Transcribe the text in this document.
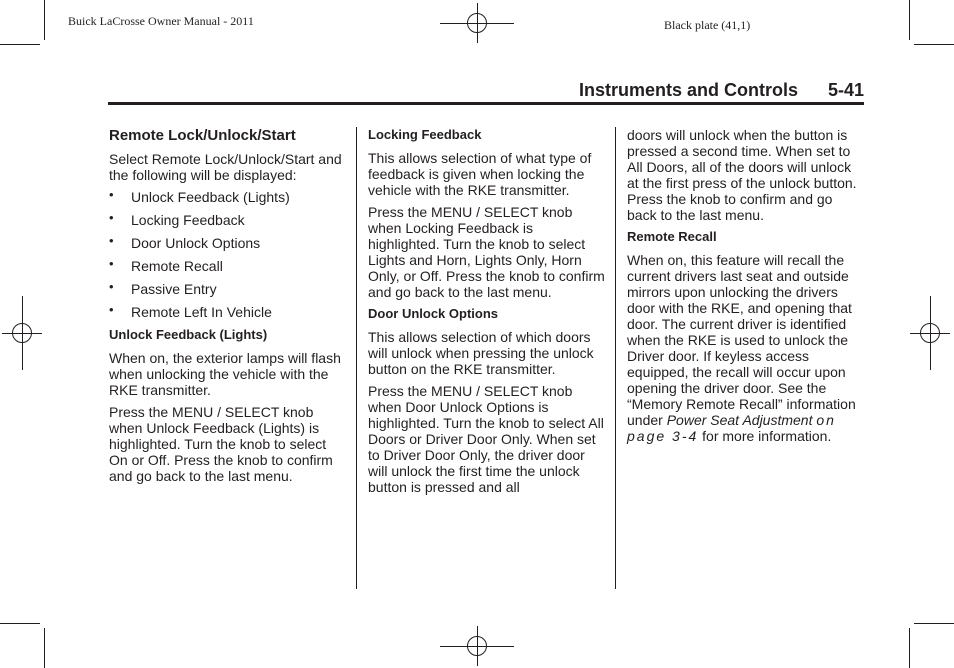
Buick LaCrosse Owner Manual - 2011	Black plate (41,1)
Instruments and Controls 5-41
Remote Lock/Unlock/Start

Select Remote Lock/Unlock/Start and the following will be displayed:

• Unlock Feedback (Lights)
• Locking Feedback
• Door Unlock Options
• Remote Recall
• Passive Entry
• Remote Left In Vehicle
Unlock Feedback (Lights)

When on, the exterior lamps will flash when unlocking the vehicle with the RKE transmitter.

Press the MENU / SELECT knob when Unlock Feedback (Lights) is highlighted. Turn the knob to select On or Off. Press the knob to confirm and go back to the last menu.

Locking Feedback

This allows selection of what type of feedback is given when locking the vehicle with the RKE transmitter.

Press the MENU / SELECT knob when Locking Feedback is highlighted. Turn the knob to select Lights and Horn, Lights Only, Horn Only, or Off. Press the knob to confirm and go back to the last menu.

Door Unlock Options

This allows selection of which doors will unlock when pressing the unlock button on the RKE transmitter.

Press the MENU / SELECT knob when Door Unlock Options is highlighted. Turn the knob to select All Doors or Driver Door Only. When set to Driver Door Only, the driver door will unlock the first time the unlock button is pressed and all

doors will unlock when the button is pressed a second time. When set to All Doors, all of the doors will unlock at the first press of the unlock button. Press the knob to confirm and go back to the last menu.

Remote Recall

When on, this feature will recall the current drivers last seat and outside mirrors upon unlocking the drivers door with the RKE, and opening that door. The current driver is identified when the RKE is used to unlock the Driver door. If keyless access equipped, the recall will occur upon opening the driver door. See the “Memory Remote Recall” information under Power Seat Adjustment on page 3-4 for more information.
